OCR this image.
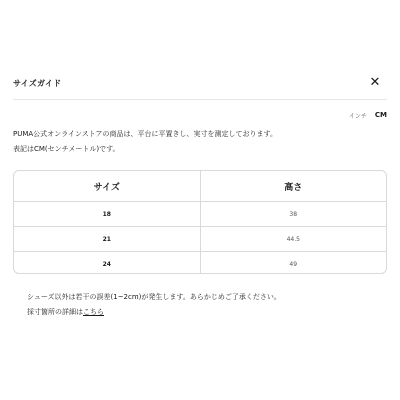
サイズガイド	✕
インチ CM
PUMA公式オンラインストアの商品は、平台に平置きし、実寸を測定しております。
表記はCM(センチメートル)です。
サイズ	高さ
18	38
21	44.5
24	49
シューズ以外は若干の誤差(1~2cm)が発生します。あらかじめご了承ください。
採寸箇所の詳細はこちら
